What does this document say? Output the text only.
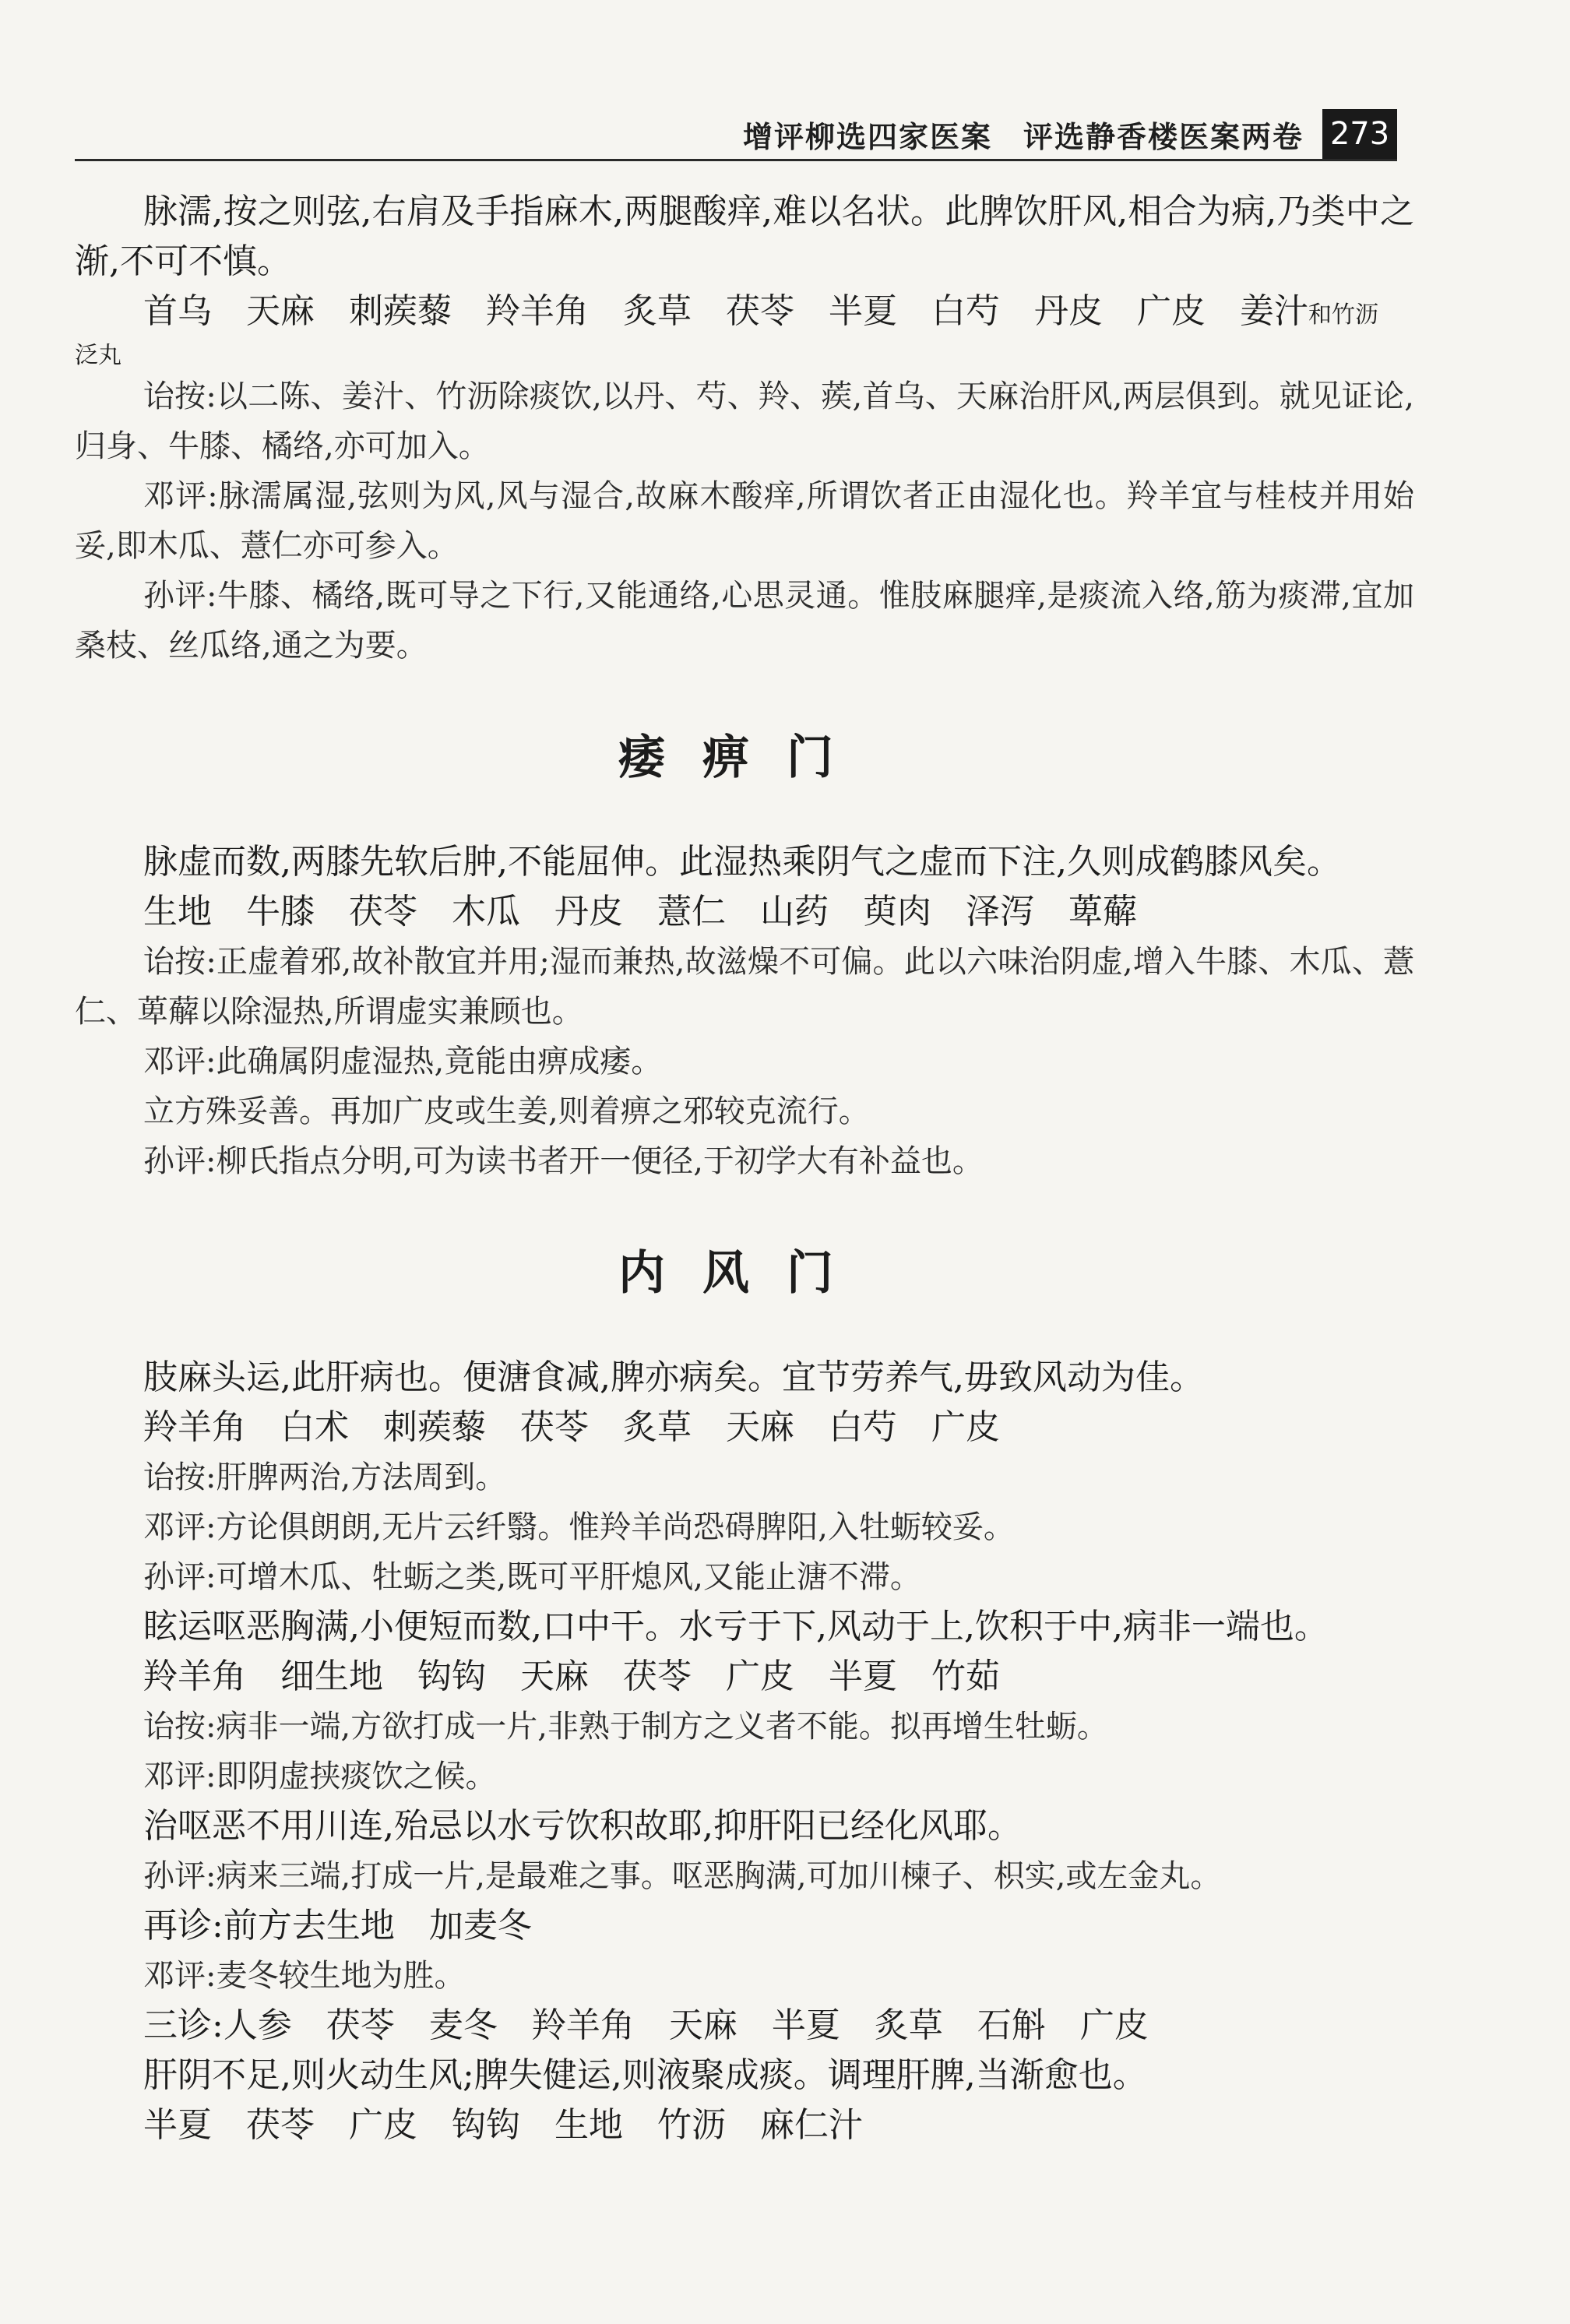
增评柳选四家医案　评选静香楼医案两卷 273

脉濡,按之则弦,右肩及手指麻木,两腿酸痒,难以名状。此脾饮肝风,相合为病,乃类中之渐,不可不慎。

首乌　天麻　刺蒺藜　羚羊角　炙草　茯苓　半夏　白芍　丹皮　广皮　姜汁和竹沥

泛丸

诒按:以二陈、姜汁、竹沥除痰饮,以丹、芍、羚、蒺,首乌、天麻治肝风,两层俱到。就见证论,归身、牛膝、橘络,亦可加入。

邓评:脉濡属湿,弦则为风,风与湿合,故麻木酸痒,所谓饮者正由湿化也。羚羊宜与桂枝并用始妥,即木瓜、薏仁亦可参入。

孙评:牛膝、橘络,既可导之下行,又能通络,心思灵通。惟肢麻腿痒,是痰流入络,筋为痰滞,宜加桑枝、丝瓜络,通之为要。

痿痹门

脉虚而数,两膝先软后肿,不能屈伸。此湿热乘阴气之虚而下注,久则成鹤膝风矣。

生地　牛膝　茯苓　木瓜　丹皮　薏仁　山药　萸肉　泽泻　萆薢

诒按:正虚着邪,故补散宜并用;湿而兼热,故滋燥不可偏。此以六味治阴虚,增入牛膝、木瓜、薏仁、萆薢以除湿热,所谓虚实兼顾也。

邓评:此确属阴虚湿热,竟能由痹成痿。

立方殊妥善。再加广皮或生姜,则着痹之邪较克流行。

孙评:柳氏指点分明,可为读书者开一便径,于初学大有补益也。

内风门

肢麻头运,此肝病也。便溏食减,脾亦病矣。宜节劳养气,毋致风动为佳。

羚羊角　白术　刺蒺藜　茯苓　炙草　天麻　白芍　广皮

诒按:肝脾两治,方法周到。

邓评:方论俱朗朗,无片云纤翳。惟羚羊尚恐碍脾阳,入牡蛎较妥。

孙评:可增木瓜、牡蛎之类,既可平肝熄风,又能止溏不滞。

眩运呕恶胸满,小便短而数,口中干。水亏于下,风动于上,饮积于中,病非一端也。

羚羊角　细生地　钩钩　天麻　茯苓　广皮　半夏　竹茹

诒按:病非一端,方欲打成一片,非熟于制方之义者不能。拟再增生牡蛎。

邓评:即阴虚挟痰饮之候。

治呕恶不用川连,殆忌以水亏饮积故耶,抑肝阳已经化风耶。

孙评:病来三端,打成一片,是最难之事。呕恶胸满,可加川楝子、枳实,或左金丸。

再诊:前方去生地　加麦冬

邓评:麦冬较生地为胜。

三诊:人参　茯苓　麦冬　羚羊角　天麻　半夏　炙草　石斛　广皮

肝阴不足,则火动生风;脾失健运,则液聚成痰。调理肝脾,当渐愈也。

半夏　茯苓　广皮　钩钩　生地　竹沥　麻仁汁
